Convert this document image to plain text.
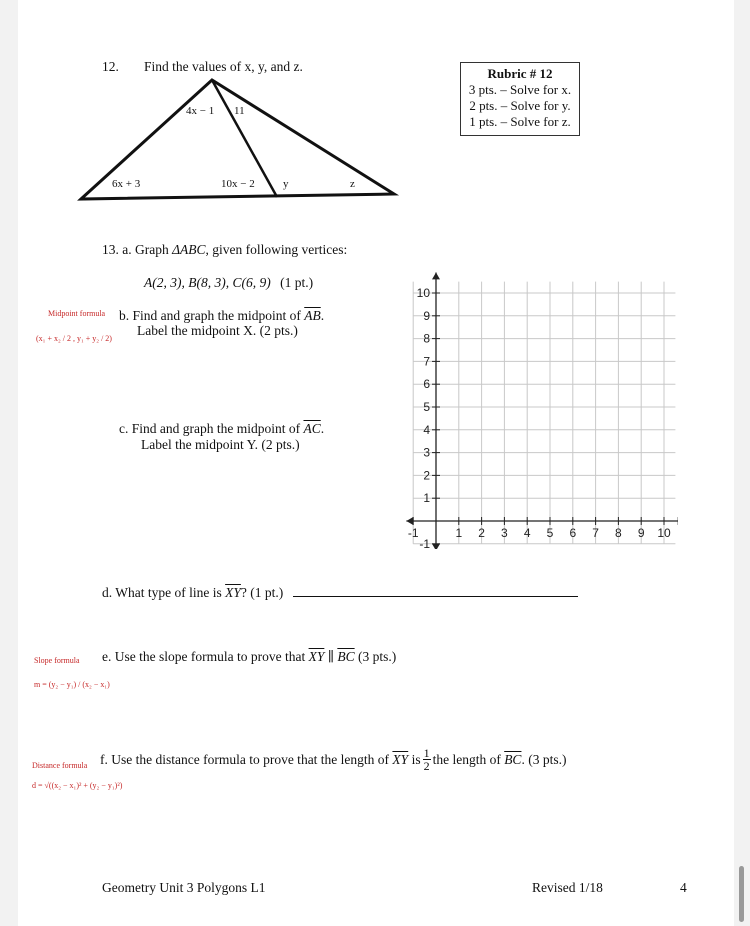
12. Find the values of x, y, and z.
4x − 1 11
6x + 3	10x − 2	y	z
Rubric # 12
3 pts. – Solve for x.
2 pts. – Solve for y.
1 pts. – Solve for z.
13. a. Graph ΔABC, given following vertices:
A(2, 3), B(8, 3), C(6, 9) (1 pt.)
Midpoint formula
(x₁ + x₂ / 2 , y₁ + y₂ / 2)
b. Find and graph the midpoint of $\overline{AB}$.
Label the midpoint X. (2 pts.)
c. Find and graph the midpoint of $\overline{AC}$.
Label the midpoint Y. (2 pts.)
-1	1 2 3 4 5 6 7 8 9 10
-1
1
2
3
4
5
6
7
8
9
10
d. What type of line is $\overline{XY}$? (1 pt.)
Slope formula
m = (y₂ − y₁) / (x₂ − x₁)
e. Use the slope formula to prove that $\overline{XY}$ ∥ $\overline{BC}$ (3 pts.)
Distance formula
d = √((x₂ − x₁)² + (y₂ − y₁)²)
f. Use the distance formula to prove that the length of
$\overline{XY}$
is $\frac{1}{2}$ the length of
$\overline{BC}$ . (3 pts.)
Geometry Unit 3 Polygons L1	Revised 1/18	4
